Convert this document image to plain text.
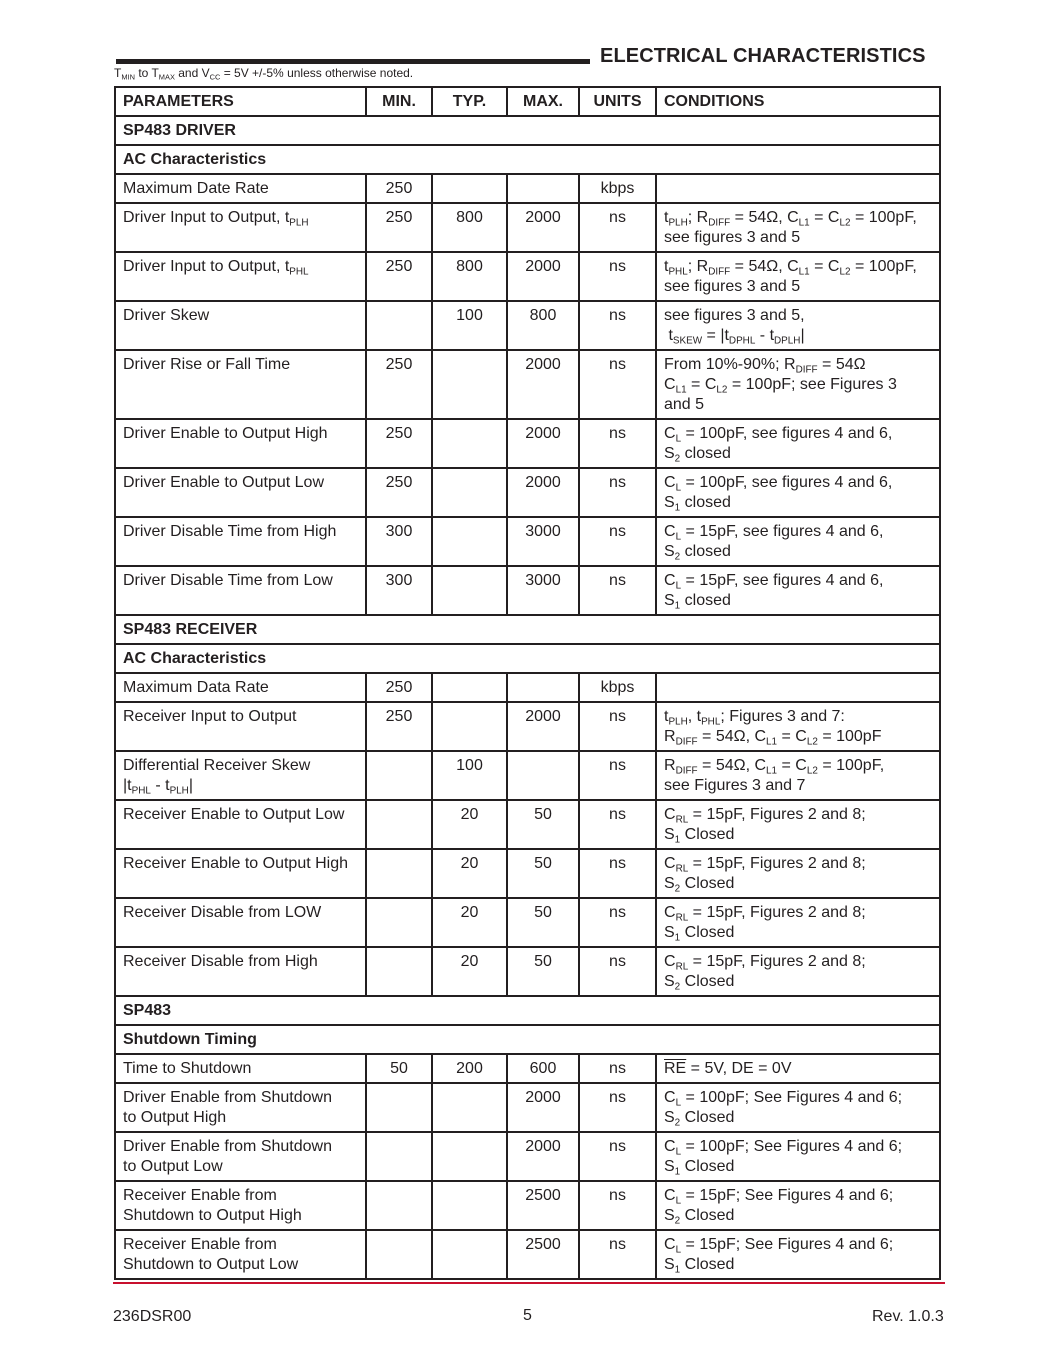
ELECTRICAL CHARACTERISTICS
$T_{MIN}$ to $T_{MAX}$ and $V_{CC} = 5V +/-5\%$ unless otherwise noted.
PARAMETERS	MIN.	TYP.	MAX.	UNITS	CONDITIONS
SP483 DRIVER					
AC Characteristics					
Maximum Date Rate	250			kbps	
Driver Input to Output, $t_{PLH}$	250	800	2000	ns	$t_{PLH}$; $R_{DIFF} = 54\Omega$, $C_{L1} = C_{L2} = 100pF$,
see figures 3 and 5
Driver Input to Output, $t_{PHL}$	250	800	2000	ns	$t_{PHL}$; $R_{DIFF} = 54\Omega$, $C_{L1} = C_{L2} = 100pF$,
see figures 3 and 5
Driver Skew		100	800	ns	see figures 3 and 5,
$t_{SKEW} = |t_{DPHL} - t_{DPLH}|$
Driver Rise or Fall Time	250		2000	ns	From 10%-90%; $R_{DIFF} = 54\Omega$
$C_{L1} = C_{L2} = 100pF$; see Figures 3
and 5
Driver Enable to Output High	250		2000	ns	$C_L = 100pF$, see figures 4 and 6,
$S_2$ closed
Driver Enable to Output Low	250		2000	ns	$C_L = 100pF$, see figures 4 and 6,
$S_1$ closed
Driver Disable Time from High	300		3000	ns	$C_L = 15pF$, see figures 4 and 6,
$S_2$ closed
Driver Disable Time from Low	300		3000	ns	$C_L = 15pF$, see figures 4 and 6,
$S_1$ closed
SP483 RECEIVER					
AC Characteristics					
Maximum Data Rate	250			kbps	
Receiver Input to Output	250		2000	ns	$t_{PLH}$, $t_{PHL}$; Figures 3 and 7:
$R_{DIFF} = 54\Omega$, $C_{L1} = C_{L2} = 100pF$
Differential Receiver Skew
$|t_{PHL} - t_{PLH}|$		100		ns	$R_{DIFF} = 54\Omega$, $C_{L1} = C_{L2} = 100pF$,
see Figures 3 and 7
Receiver Enable to Output Low		20	50	ns	$C_{RL} = 15pF$, Figures 2 and 8;
$S_1$ Closed
Receiver Enable to Output High		20	50	ns	$C_{RL} = 15pF$, Figures 2 and 8;
$S_2$ Closed
Receiver Disable from LOW		20	50	ns	$C_{RL} = 15pF$, Figures 2 and 8;
$S_1$ Closed
Receiver Disable from High		20	50	ns	$C_{RL} = 15pF$, Figures 2 and 8;
$S_2$ Closed
SP483					
Shutdown Timing					
Time to Shutdown	50	200	600	ns	$\overline{RE} = 5V$, DE = 0V
Driver Enable from Shutdown
to Output High			2000	ns	$C_L = 100pF$; See Figures 4 and 6;
$S_2$ Closed
Driver Enable from Shutdown
to Output Low			2000	ns	$C_L = 100pF$; See Figures 4 and 6;
$S_1$ Closed
Receiver Enable from
Shutdown to Output High			2500	ns	$C_L = 15pF$; See Figures 4 and 6;
$S_2$ Closed
Receiver Enable from
Shutdown to Output Low			2500	ns	$C_L = 15pF$; See Figures 4 and 6;
$S_1$ Closed
236DSR00	5	Rev. 1.0.3
